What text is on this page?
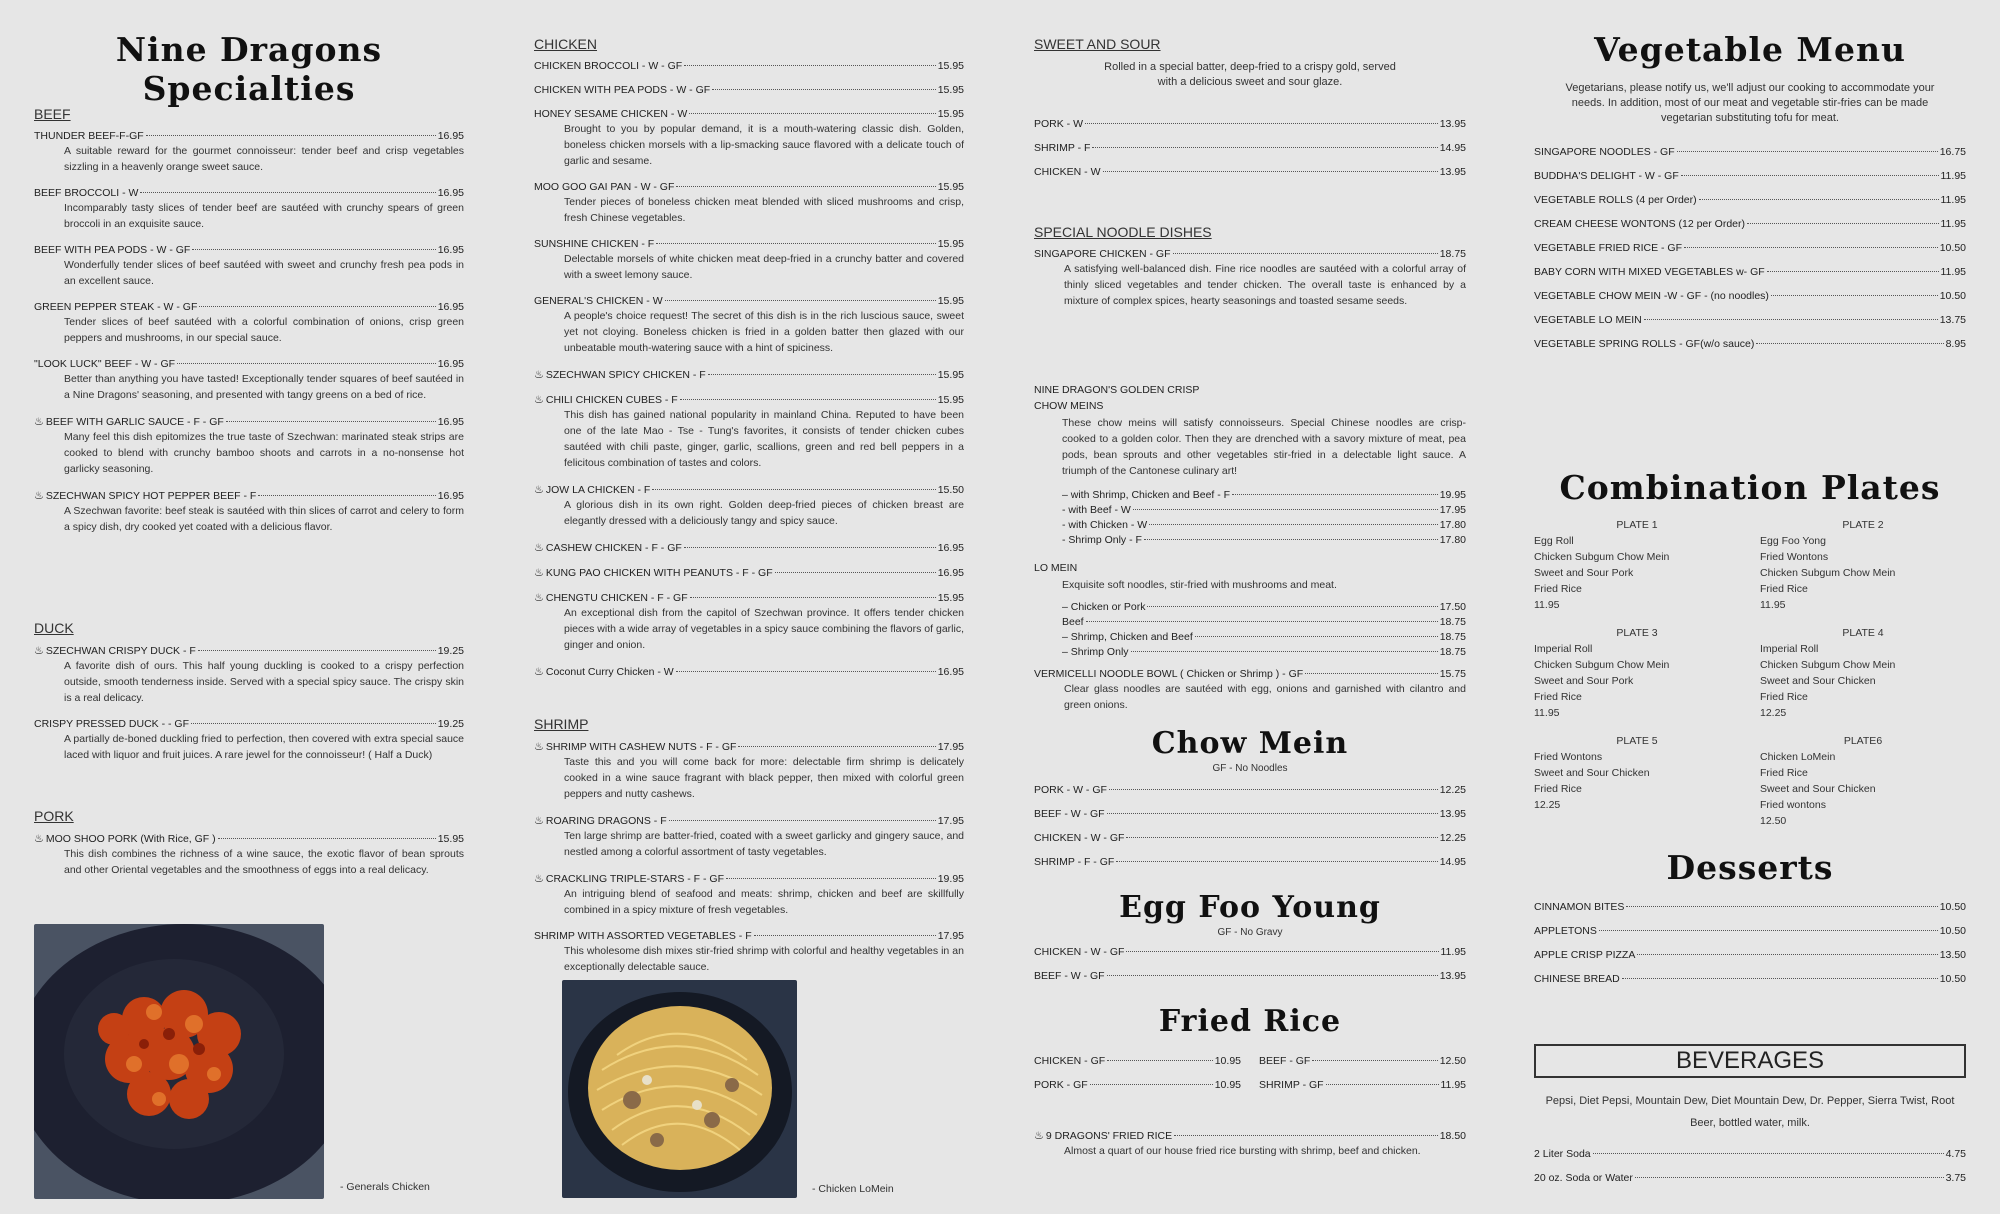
Nine Dragons Specialties
BEEF
THUNDER BEEF-F-GF	16.95
A suitable reward for the gourmet connoisseur: tender beef and crisp vegetables sizzling in a heavenly orange sweet sauce.
BEEF BROCCOLI - W	16.95
Incomparably tasty slices of tender beef are sautéed with crunchy spears of green broccoli in an exquisite sauce.
BEEF WITH PEA PODS - W - GF	16.95
Wonderfully tender slices of beef sautéed with sweet and crunchy fresh pea pods in an excellent sauce.
GREEN PEPPER STEAK - W - GF	16.95
Tender slices of beef sautéed with a colorful combination of onions, crisp green peppers and mushrooms, in our special sauce.
"LOOK LUCK" BEEF - W - GF	16.95
Better than anything you have tasted! Exceptionally tender squares of beef sautéed in a Nine Dragons' seasoning, and presented with tangy greens on a bed of rice.
♨ BEEF WITH GARLIC SAUCE - F - GF	16.95
Many feel this dish epitomizes the true taste of Szechwan: marinated steak strips are cooked to blend with crunchy bamboo shoots and carrots in a no-nonsense hot garlicky seasoning.
♨ SZECHWAN SPICY HOT PEPPER BEEF - F	16.95
A Szechwan favorite: beef steak is sautéed with thin slices of carrot and celery to form a spicy dish, dry cooked yet coated with a delicious flavor.
DUCK
♨ SZECHWAN CRISPY DUCK - F	19.25
A favorite dish of ours. This half young duckling is cooked to a crispy perfection outside, smooth tenderness inside. Served with a special spicy sauce. The crispy skin is a real delicacy.
CRISPY PRESSED DUCK - - GF	19.25
A partially de-boned duckling fried to perfection, then covered with extra special sauce laced with liquor and fruit juices. A rare jewel for the connoisseur! ( Half a Duck)
PORK
♨ MOO SHOO PORK (With Rice, GF )	15.95
This dish combines the richness of a wine sauce, the exotic flavor of bean sprouts and other Oriental vegetables and the smoothness of eggs into a real delicacy.
- Generals Chicken
CHICKEN
CHICKEN BROCCOLI - W - GF	15.95
CHICKEN WITH PEA PODS - W - GF	15.95
HONEY SESAME CHICKEN - W	15.95
Brought to you by popular demand, it is a mouth-watering classic dish. Golden, boneless chicken morsels with a lip-smacking sauce flavored with a delicate touch of garlic and sesame.
MOO GOO GAI PAN - W - GF	15.95
Tender pieces of boneless chicken meat blended with sliced mushrooms and crisp, fresh Chinese vegetables.
SUNSHINE CHICKEN - F	15.95
Delectable morsels of white chicken meat deep-fried in a crunchy batter and covered with a sweet lemony sauce.
GENERAL'S CHICKEN - W	15.95
A people's choice request! The secret of this dish is in the rich luscious sauce, sweet yet not cloying. Boneless chicken is fried in a golden batter then glazed with our unbeatable mouth-watering sauce with a hint of spiciness.
♨ SZECHWAN SPICY CHICKEN - F	15.95
♨ CHILI CHICKEN CUBES - F	15.95
This dish has gained national popularity in mainland China. Reputed to have been one of the late Mao - Tse - Tung's favorites, it consists of tender chicken cubes sautéed with chili paste, ginger, garlic, scallions, green and red bell peppers in a felicitous combination of tastes and colors.
♨ JOW LA CHICKEN - F	15.50
A glorious dish in its own right. Golden deep-fried pieces of chicken breast are elegantly dressed with a deliciously tangy and spicy sauce.
♨ CASHEW CHICKEN - F - GF	16.95
♨ KUNG PAO CHICKEN WITH PEANUTS - F - GF	16.95
♨ CHENGTU CHICKEN - F - GF	15.95
An exceptional dish from the capitol of Szechwan province. It offers tender chicken pieces with a wide array of vegetables in a spicy sauce combining the flavors of garlic, ginger and onion.
♨ Coconut Curry Chicken - W	16.95
SHRIMP
♨ SHRIMP WITH CASHEW NUTS - F - GF	17.95
Taste this and you will come back for more: delectable firm shrimp is delicately cooked in a wine sauce fragrant with black pepper, then mixed with colorful green peppers and nutty cashews.
♨ ROARING DRAGONS - F	17.95
Ten large shrimp are batter-fried, coated with a sweet garlicky and gingery sauce, and nestled among a colorful assortment of tasty vegetables.
♨ CRACKLING TRIPLE-STARS - F - GF	19.95
An intriguing blend of seafood and meats: shrimp, chicken and beef are skillfully combined in a spicy mixture of fresh vegetables.
SHRIMP WITH ASSORTED VEGETABLES - F	17.95
This wholesome dish mixes stir-fried shrimp with colorful and healthy vegetables in an exceptionally delectable sauce.
- Chicken LoMein
SWEET AND SOUR
Rolled in a special batter, deep-fried to a crispy gold, served with a delicious sweet and sour glaze.
PORK - W	13.95
SHRIMP - F	14.95
CHICKEN - W	13.95
SPECIAL NOODLE DISHES
SINGAPORE CHICKEN - GF	18.75
A satisfying well-balanced dish. Fine rice noodles are sautéed with a colorful array of thinly sliced vegetables and tender chicken. The overall taste is enhanced by a mixture of complex spices, hearty seasonings and toasted sesame seeds.
NINE DRAGON'S GOLDEN CRISP
CHOW MEINS
These chow meins will satisfy connoisseurs. Special Chinese noodles are crisp-cooked to a golden color. Then they are drenched with a savory mixture of meat, pea pods, bean sprouts and other vegetables stir-fried in a delectable light sauce. A triumph of the Cantonese culinary art!
– with Shrimp, Chicken and Beef - F	19.95
- with Beef - W	17.95
- with Chicken - W	17.80
- Shrimp Only - F	17.80
LO MEIN
Exquisite soft noodles, stir-fried with mushrooms and meat.
– Chicken or Pork	17.50
Beef	18.75
– Shrimp, Chicken and Beef	18.75
– Shrimp Only	18.75
VERMICELLI NOODLE BOWL ( Chicken or Shrimp ) - GF	15.75
Clear glass noodles are sautéed with egg, onions and garnished with cilantro and green onions.
Chow Mein
GF - No Noodles
PORK - W - GF	12.25
BEEF - W - GF	13.95
CHICKEN - W - GF	12.25
SHRIMP - F - GF	14.95
Egg Foo Young
GF - No Gravy
CHICKEN - W - GF	11.95
BEEF - W - GF	13.95
Fried Rice
CHICKEN - GF	10.95 BEEF - GF	12.50
PORK - GF	10.95 SHRIMP - GF	11.95
♨ 9 DRAGONS' FRIED RICE	18.50
Almost a quart of our house fried rice bursting with shrimp, beef and chicken.
Vegetable Menu
Vegetarians, please notify us, we'll adjust our cooking to accommodate your needs. In addition, most of our meat and vegetable stir-fries can be made vegetarian substituting tofu for meat.
SINGAPORE NOODLES - GF	16.75
BUDDHA'S DELIGHT - W - GF	11.95
VEGETABLE ROLLS (4 per Order)	11.95
CREAM CHEESE WONTONS (12 per Order)	11.95
VEGETABLE FRIED RICE - GF	10.50
BABY CORN WITH MIXED VEGETABLES w- GF	11.95
VEGETABLE CHOW MEIN -W - GF - (no noodles)	10.50
VEGETABLE LO MEIN	13.75
VEGETABLE SPRING ROLLS - GF(w/o sauce)	8.95
Combination Plates
PLATE 1
Egg Roll
Chicken Subgum Chow Mein
Sweet and Sour Pork
Fried Rice
11.95
PLATE 2
Egg Foo Yong
Fried Wontons
Chicken Subgum Chow Mein
Fried Rice
11.95
PLATE 3
Imperial Roll
Chicken Subgum Chow Mein
Sweet and Sour Pork
Fried Rice
11.95
PLATE 4
Imperial Roll
Chicken Subgum Chow Mein
Sweet and Sour Chicken
Fried Rice
12.25
PLATE 5
Fried Wontons
Sweet and Sour Chicken
Fried Rice
12.25
PLATE6
Chicken LoMein
Fried Rice
Sweet and Sour Chicken
Fried wontons
12.50
Desserts
CINNAMON BITES	10.50
APPLETONS	10.50
APPLE CRISP PIZZA	13.50
CHINESE BREAD	10.50
BEVERAGES
Pepsi, Diet Pepsi, Mountain Dew, Diet Mountain Dew, Dr. Pepper, Sierra Twist, Root Beer, bottled water, milk.
2 Liter Soda	4.75
20 oz. Soda or Water	3.75
